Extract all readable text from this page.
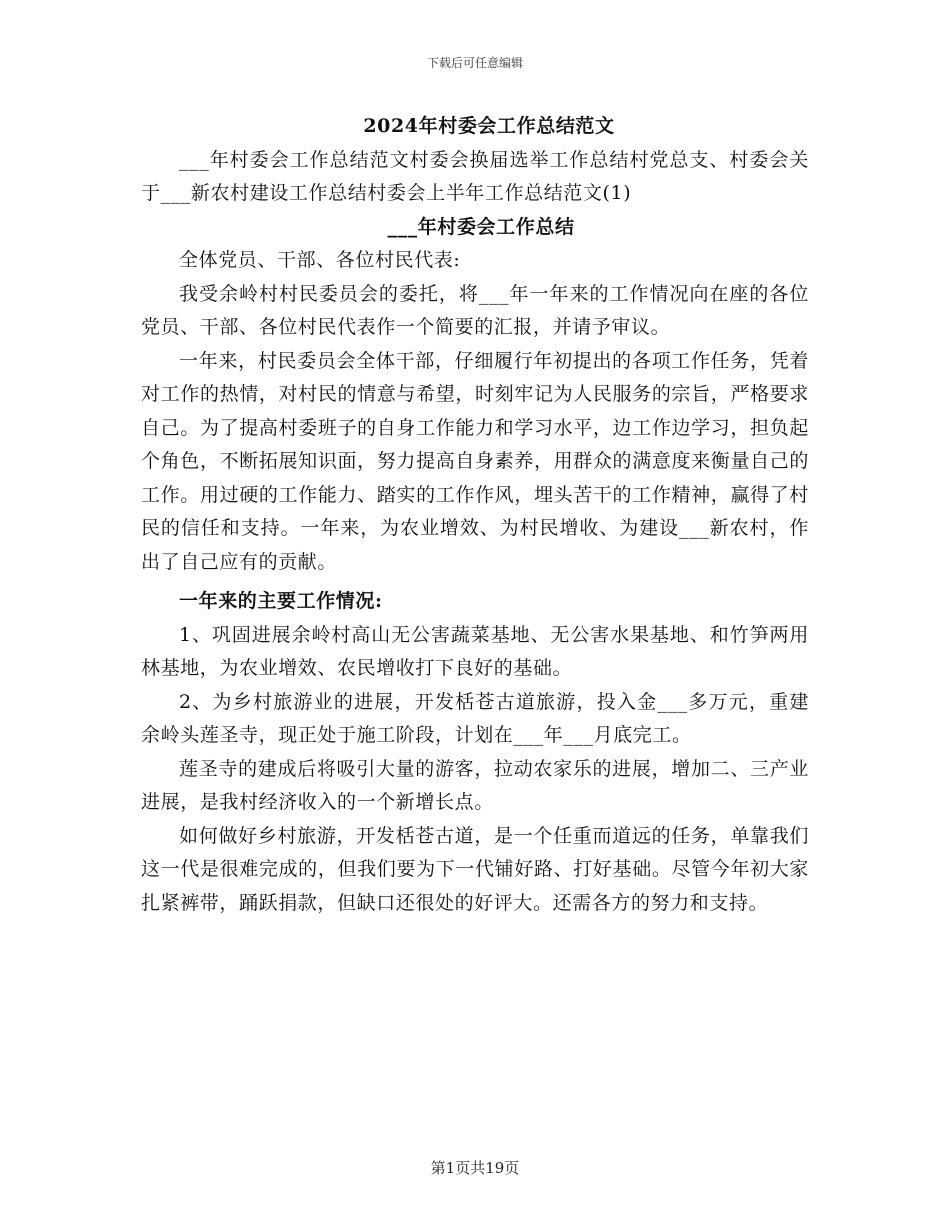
下载后可任意编辑
2024年村委会工作总结范文

___年村委会工作总结范文村委会换届选举工作总结村党总支、村委会关于___新农村建设工作总结村委会上半年工作总结范文(1)

___年村委会工作总结

全体党员、干部、各位村民代表:

我受余岭村村民委员会的委托，将___年一年来的工作情况向在座的各位党员、干部、各位村民代表作一个简要的汇报，并请予审议。

一年来，村民委员会全体干部，仔细履行年初提出的各项工作任务，凭着对工作的热情，对村民的情意与希望，时刻牢记为人民服务的宗旨，严格要求自己。为了提高村委班子的自身工作能力和学习水平，边工作边学习，担负起个角色，不断拓展知识面，努力提高自身素养，用群众的满意度来衡量自己的工作。用过硬的工作能力、踏实的工作作风，埋头苦干的工作精神，赢得了村民的信任和支持。一年来，为农业增效、为村民增收、为建设___新农村，作出了自己应有的贡献。

一年来的主要工作情况:

1、巩固进展余岭村高山无公害蔬菜基地、无公害水果基地、和竹笋两用林基地，为农业增效、农民增收打下良好的基础。

2、为乡村旅游业的进展，开发栝苍古道旅游，投入金___多万元，重建余岭头莲圣寺，现正处于施工阶段，计划在___年___月底完工。

莲圣寺的建成后将吸引大量的游客，拉动农家乐的进展，增加二、三产业进展，是我村经济收入的一个新增长点。

如何做好乡村旅游，开发栝苍古道，是一个任重而道远的任务，单靠我们这一代是很难完成的，但我们要为下一代铺好路、打好基础。尽管今年初大家扎紧裤带，踊跃捐款，但缺口还很处的好评大。还需各方的努力和支持。

第1页共19页
